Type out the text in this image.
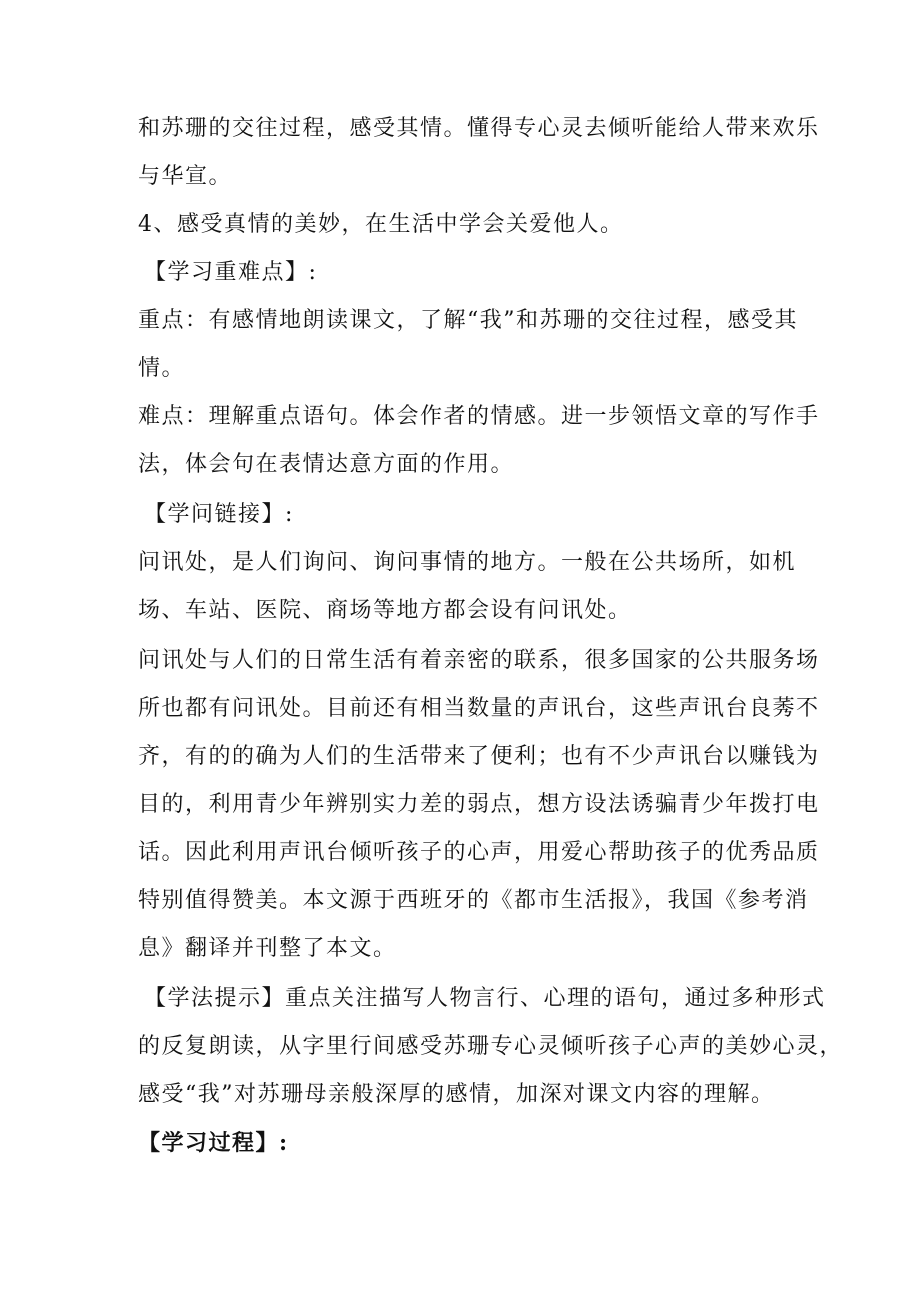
和苏珊的交往过程，感受其情。懂得专心灵去倾听能给人带来欢乐

与华宣。

4、感受真情的美妙，在生活中学会关爱他人。

【学习重难点】:

重点：有感情地朗读课文，了解“我”和苏珊的交往过程，感受其

情。

难点：理解重点语句。体会作者的情感。进一步领悟文章的写作手

法，体会句在表情达意方面的作用。

【学问链接】:

问讯处，是人们询问、询问事情的地方。一般在公共场所，如机

场、车站、医院、商场等地方都会设有问讯处。

问讯处与人们的日常生活有着亲密的联系，很多国家的公共服务场

所也都有问讯处。目前还有相当数量的声讯台，这些声讯台良莠不

齐，有的的确为人们的生活带来了便利；也有不少声讯台以赚钱为

目的，利用青少年辨别实力差的弱点，想方设法诱骗青少年拨打电

话。因此利用声讯台倾听孩子的心声，用爱心帮助孩子的优秀品质

特别值得赞美。本文源于西班牙的《都市生活报》，我国《参考消

息》翻译并刊整了本文。

【学法提示】重点关注描写人物言行、心理的语句，通过多种形式

的反复朗读，从字里行间感受苏珊专心灵倾听孩子心声的美妙心灵，

感受“我”对苏珊母亲般深厚的感情，加深对课文内容的理解。

【学习过程】:
